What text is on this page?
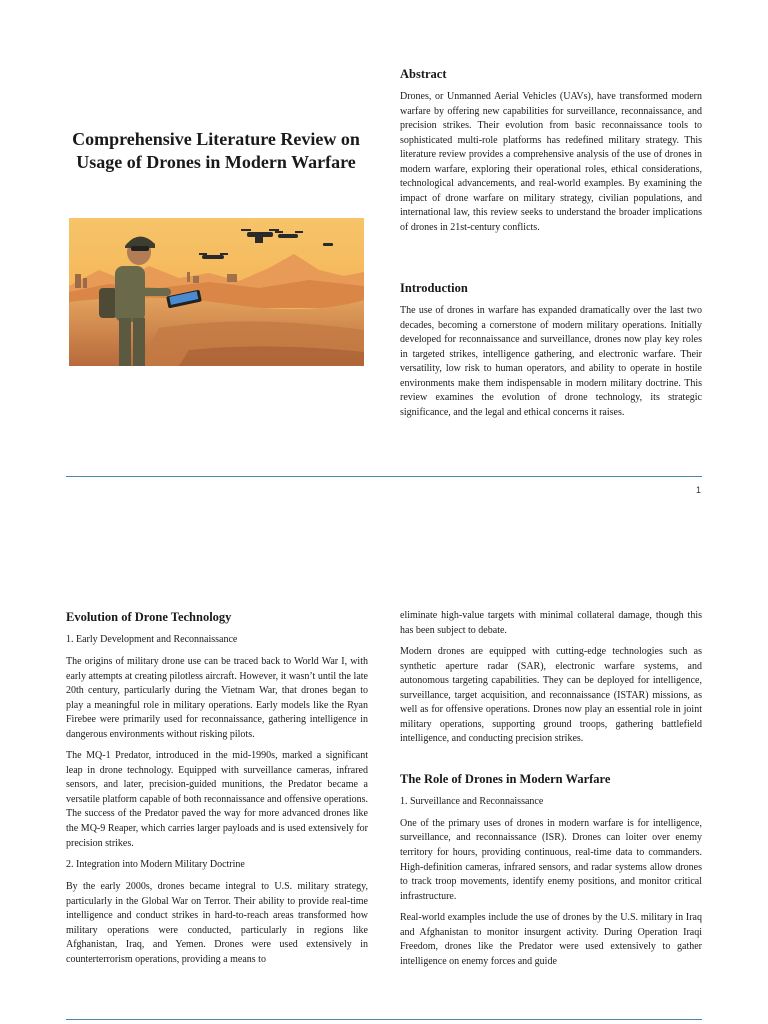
Comprehensive Literature Review on Usage of Drones in Modern Warfare

Abstract

Drones, or Unmanned Aerial Vehicles (UAVs), have transformed modern warfare by offering new capabilities for surveillance, reconnaissance, and precision strikes. Their evolution from basic reconnaissance tools to sophisticated multi-role platforms has redefined military strategy. This literature review provides a comprehensive analysis of the use of drones in modern warfare, exploring their operational roles, ethical considerations, technological advancements, and real-world examples. By examining the impact of drone warfare on military strategy, civilian populations, and international law, this review seeks to understand the broader implications of drones in 21st-century conflicts.

Introduction

The use of drones in warfare has expanded dramatically over the last two decades, becoming a cornerstone of modern military operations. Initially developed for reconnaissance and surveillance, drones now play key roles in targeted strikes, intelligence gathering, and electronic warfare. Their versatility, low risk to human operators, and ability to operate in hostile environments make them indispensable in modern military doctrine. This review examines the evolution of drone technology, its strategic significance, and the legal and ethical concerns it raises.

1

Evolution of Drone Technology

1. Early Development and Reconnaissance

The origins of military drone use can be traced back to World War I, with early attempts at creating pilotless aircraft. However, it wasn’t until the late 20th century, particularly during the Vietnam War, that drones began to play a meaningful role in military operations. Early models like the Ryan Firebee were primarily used for reconnaissance, gathering intelligence in dangerous environments without risking pilots.

The MQ-1 Predator, introduced in the mid-1990s, marked a significant leap in drone technology. Equipped with surveillance cameras, infrared sensors, and later, precision-guided munitions, the Predator became a versatile platform capable of both reconnaissance and offensive operations. The success of the Predator paved the way for more advanced drones like the MQ-9 Reaper, which carries larger payloads and is used extensively for precision strikes.

2. Integration into Modern Military Doctrine

By the early 2000s, drones became integral to U.S. military strategy, particularly in the Global War on Terror. Their ability to provide real-time intelligence and conduct strikes in hard-to-reach areas transformed how military operations were conducted, particularly in regions like Afghanistan, Iraq, and Yemen. Drones were used extensively in counterterrorism operations, providing a means to

eliminate high-value targets with minimal collateral damage, though this has been subject to debate.

Modern drones are equipped with cutting-edge technologies such as synthetic aperture radar (SAR), electronic warfare systems, and autonomous targeting capabilities. They can be deployed for intelligence, surveillance, target acquisition, and reconnaissance (ISTAR) missions, as well as for offensive operations. Drones now play an essential role in joint military operations, supporting ground troops, gathering battlefield intelligence, and conducting precision strikes.

The Role of Drones in Modern Warfare

1. Surveillance and Reconnaissance

One of the primary uses of drones in modern warfare is for intelligence, surveillance, and reconnaissance (ISR). Drones can loiter over enemy territory for hours, providing continuous, real-time data to commanders. High-definition cameras, infrared sensors, and radar systems allow drones to track troop movements, identify enemy positions, and monitor critical infrastructure.

Real-world examples include the use of drones by the U.S. military in Iraq and Afghanistan to monitor insurgent activity. During Operation Iraqi Freedom, drones like the Predator were used extensively to gather intelligence on enemy forces and guide
